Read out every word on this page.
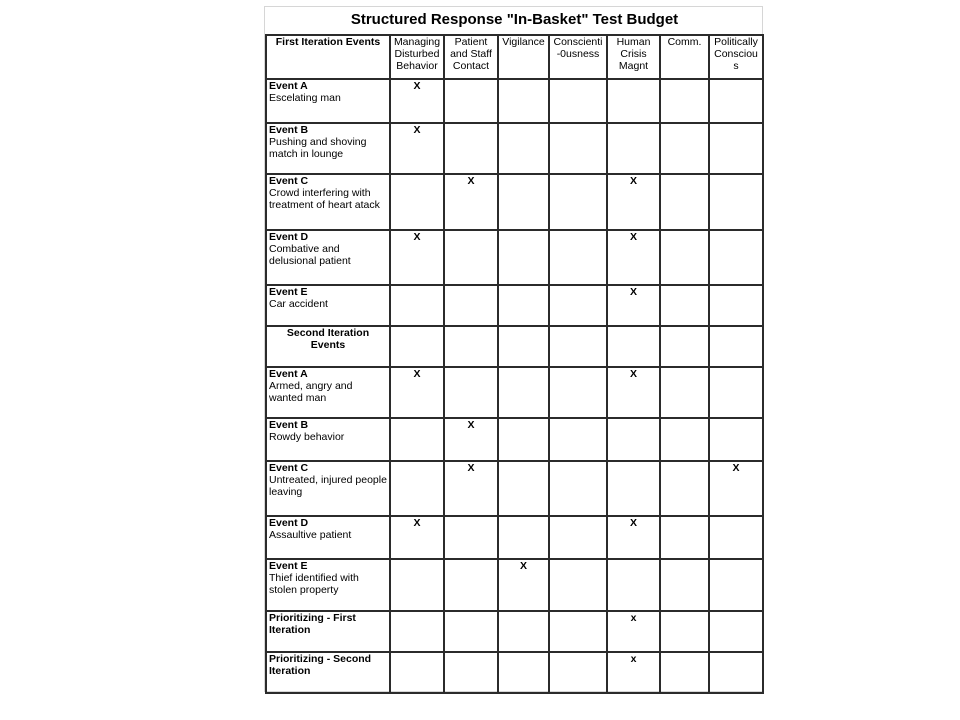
Structured Response "In-Basket" Test Budget
First Iteration Events	Managing Disturbed Behavior	Patient and Staff Contact	Vigilance	Conscienti -0usness	Human Crisis Magnt	Comm.	Politically Consciou s

Event A
Escelating man	X						

Event B
Pushing and shoving match in lounge	X						

Event C
Crowd interfering with treatment of heart atack		X			X		

Event D
Combative and delusional patient	X				X		

Event E
Car accident					X		
Second Iteration Events							

Event A
Armed, angry and wanted man	X				X		

Event B
Rowdy behavior		X					

Event C
Untreated, injured people leaving		X					X

Event D
Assaultive patient	X				X		

Event E
Thief identified with stolen property			X				
Prioritizing - First Iteration					x		
Prioritizing - Second Iteration					x		
